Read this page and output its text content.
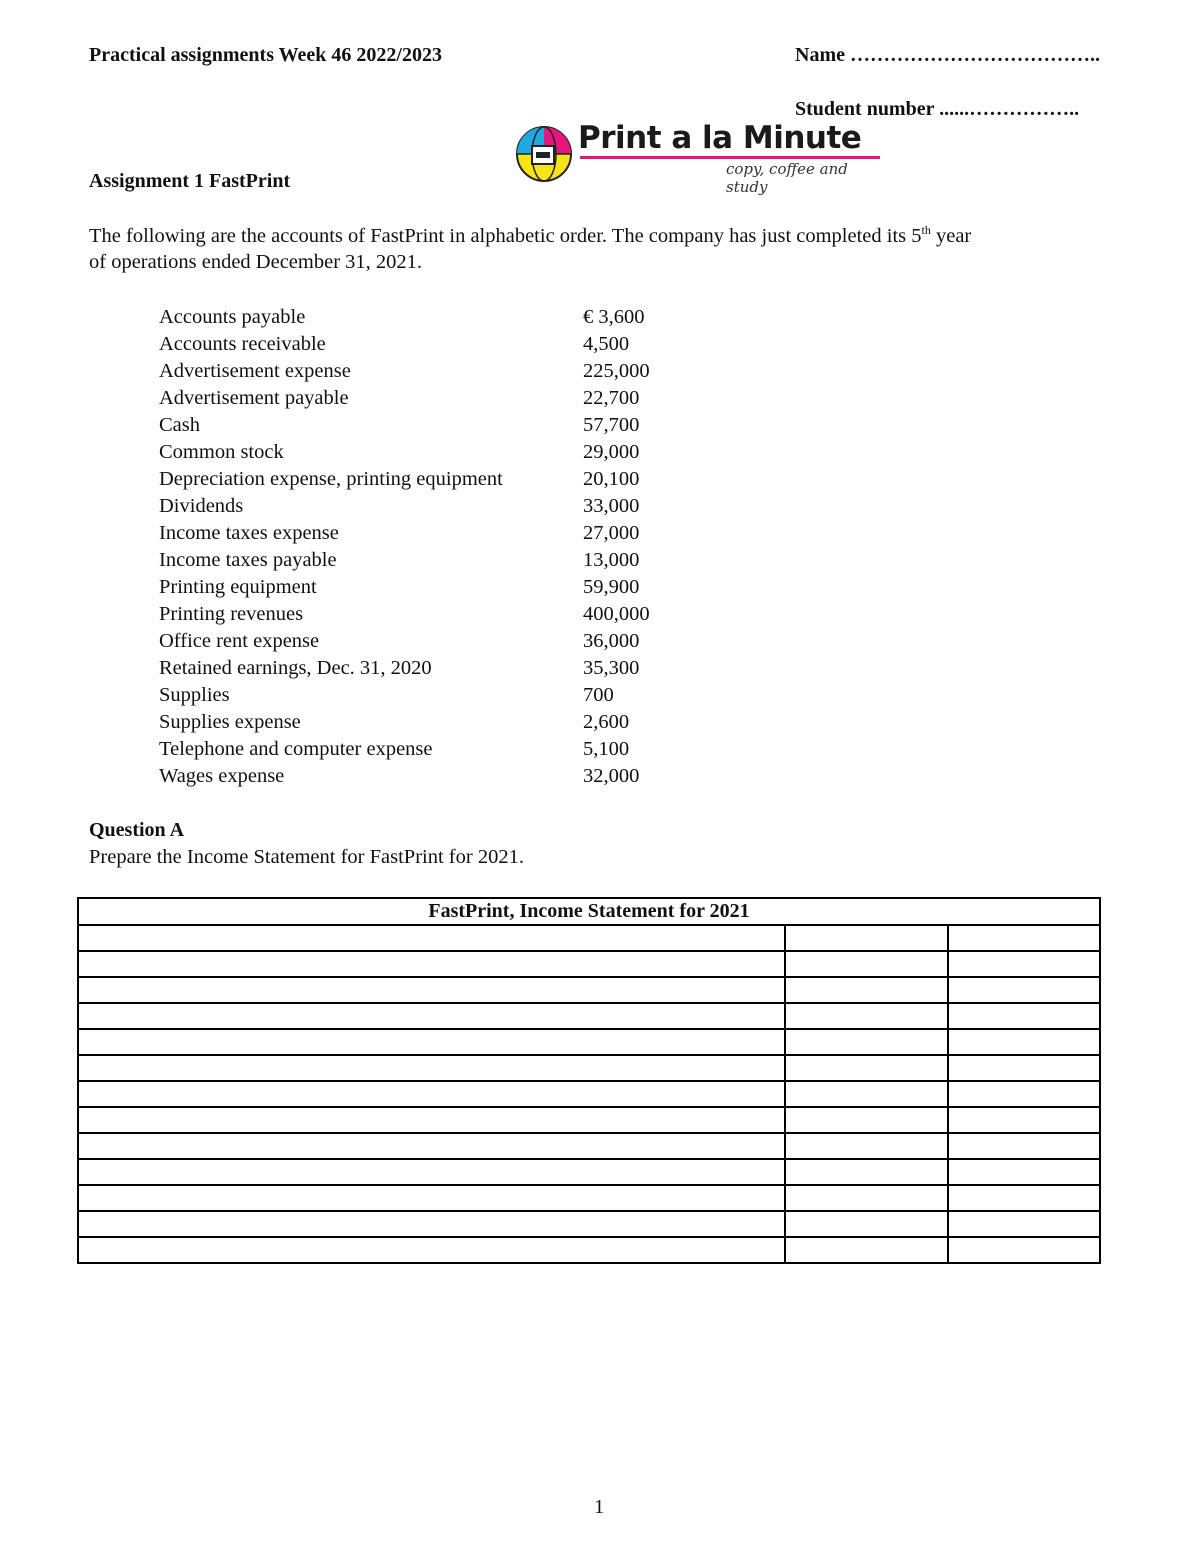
Practical assignments Week 46 2022/2023	Name ………………………………..
Student number ......……………..
Print a la Minute
copy, coffee and study
Assignment 1 FastPrint
The following are the accounts of FastPrint in alphabetic order. The company has just completed its 5th year
of operations ended December 31, 2021.
Accounts payable	€ 3,600
Accounts receivable	4,500
Advertisement expense	225,000
Advertisement payable	22,700
Cash	57,700
Common stock	29,000
Depreciation expense, printing equipment	20,100
Dividends	33,000
Income taxes expense	27,000
Income taxes payable	13,000
Printing equipment	59,900
Printing revenues	400,000
Office rent expense	36,000
Retained earnings, Dec. 31, 2020	35,300
Supplies	700
Supplies expense	2,600
Telephone and computer expense	5,100
Wages expense	32,000
Question A
Prepare the Income Statement for FastPrint for 2021.
FastPrint, Income Statement for 2021		

1
